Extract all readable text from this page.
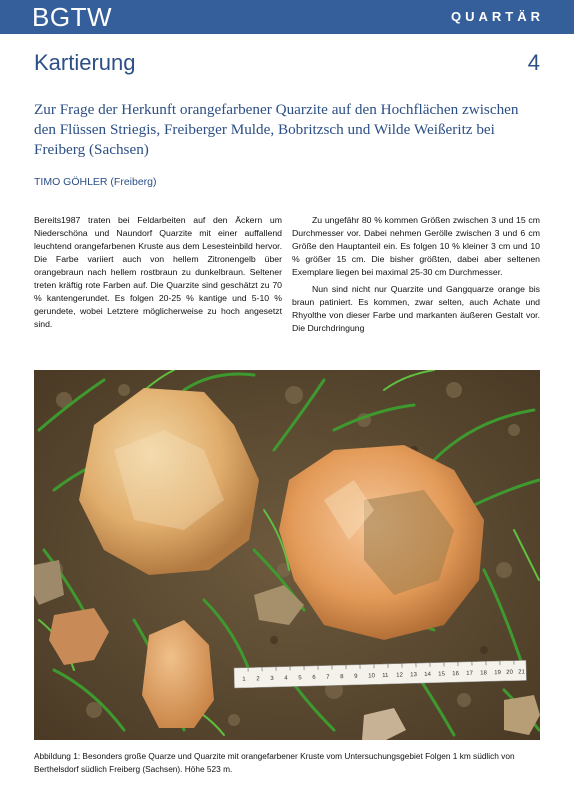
BGTW	QUARTÄR
Kartierung	4
Zur Frage der Herkunft orangefarbener Quarzite auf den Hochflächen zwischen den Flüssen Striegis, Freiberger Mulde, Bobritzsch und Wilde Weißeritz bei Freiberg (Sachsen)
TIMO GÖHLER (Freiberg)

Bereits1987 traten bei Feldarbeiten auf den Äckern um Niederschöna und Naundorf Quarzite mit einer auffallend leuchtend orangefarbenen Kruste aus dem Lesesteinbild hervor. Die Farbe variiert auch von hellem Zitronengelb über orangebraun nach hellem rostbraun zu dunkelbraun. Seltener treten kräftig rote Farben auf. Die Quarzite sind geschätzt zu 70 % kantengerundet. Es folgen 20-25 % kantige und 5-10 % gerundete, wobei Letztere möglicherweise zu hoch angesetzt sind.

Zu ungefähr 80 % kommen Größen zwischen 3 und 15 cm Durchmesser vor. Dabei nehmen Gerölle zwischen 3 und 6 cm Größe den Hauptanteil ein. Es folgen 10 % kleiner 3 cm und 10 % größer 15 cm. Die bisher größten, dabei aber seltenen Exemplare liegen bei maximal 25-30 cm Durchmesser.

Nun sind nicht nur Quarzite und Gangquarze orange bis braun patiniert. Es kommen, zwar selten, auch Achate und Rhyolthe von dieser Farbe und markanten äußeren Gestalt vor. Die Durchdringung

1 2 3 4 5 6 7 8 9 10 11 12 13 14 15 16 17 18 19 20 21
Abbildung 1: Besonders große Quarze und Quarzite mit orangefarbener Kruste vom Untersuchungsgebiet Folgen 1 km südlich von Berthelsdorf südlich Freiberg (Sachsen). Höhe 523 m.
